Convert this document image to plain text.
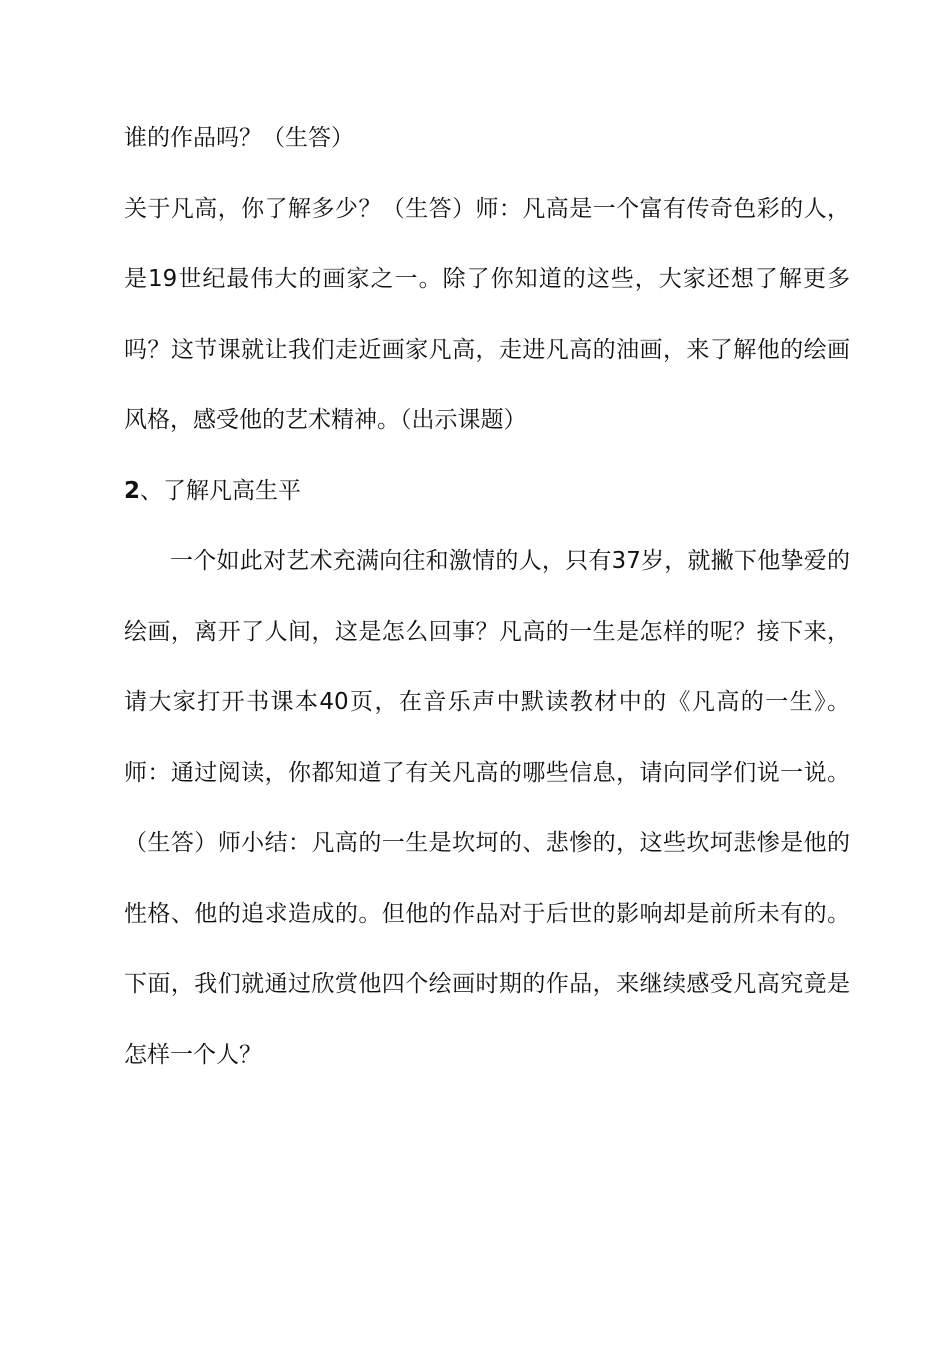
谁的作品吗？（生答）

关于凡高，你了解多少？（生答）师：凡高是一个富有传奇色彩的人，是19世纪最伟大的画家之一。除了你知道的这些，大家还想了解更多吗？这节课就让我们走近画家凡高，走进凡高的油画，来了解他的绘画风格，感受他的艺术精神。（出示课题）

2、了解凡高生平

一个如此对艺术充满向往和激情的人，只有37岁，就撇下他挚爱的绘画，离开了人间，这是怎么回事？凡高的一生是怎样的呢？接下来，请大家打开书课本40页，在音乐声中默读教材中的《凡高的一生》。师：通过阅读，你都知道了有关凡高的哪些信息，请向同学们说一说。（生答）师小结：凡高的一生是坎坷的、悲惨的，这些坎坷悲惨是他的性格、他的追求造成的。但他的作品对于后世的影响却是前所未有的。下面，我们就通过欣赏他四个绘画时期的作品，来继续感受凡高究竟是怎样一个人？
